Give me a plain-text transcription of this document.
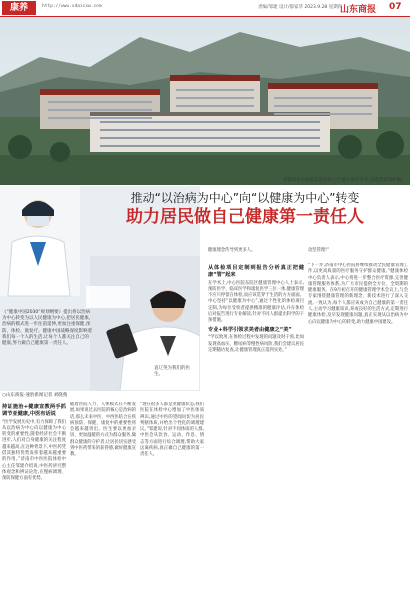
康养	http://www.sdaicxw.com	责编/邹建 设计/郁家华 2023.9.28 星期四
山东商报 07
济南市中心医院东院区助力于提升诊疗水平,为患者保驾护航。
《“健康中国2030”规划纲要》提出将以治病为中心转变为以人民健康为中心,把居民健康,治病的模式进一步往前延伸,更加注重保健,预防、体检、康复疗。健康中国战略深度影响着我们每一个人的生活,让每个人都关注自己的健康,努力做自己健康第一责任人。
袁辽英为我们的医生。
○山东商报·速豹新闻记者 刘晓燕
推动“以治病为中心”向“以健康为中心”转变
助力居民做自己健康第一责任人
健康理念传导到更多人。	攻坚管理!”
持证施治+健康宣教两手抓调节亚健康,中医有话说
“医学发展历史中,有力保障了我们从以治病为中心向以健康为中心转变的重要性,随着经济社会不断进步,人们对自身健康的关注程度越来越高,在这种背景下,中医药凭借其独特优势发挥着越来越重要的作用。”济南市中医医院体检中心主任邹建介绍说,中医药讲究整体观念和辨证论治,在慢病调理、预防保健方面有优势。
随着医院人力、人体模式在不断发展,如果说过去医院的核心是治病的话,那么未来中医、中西医结合在疾病预防、保健、康复中的重要性将会越来越突出。医生要以更加亲切、更加温暖的方式为群众服务,做群众健康的守护者,让居民切实感受到中医药带来的获得感,做好健康宣教。
“现在很多人都是亚健康状态,我们医院在体检中心增加了中医体质辨识,通过中医的望闻问切为居民判断体质,并给出个性化的调理建议。”邹建说,针对不同体质的人群,中医会从饮食、运动、作息、情志等方面进行综合调理,帮助大家远离疾病,真正做自己健康的第一责任人。
从体检项目定制到报告分析真正把健康“管”起来
在学术上,中心医院东院区健康管理中心人士表示,预防医学、临床医学和康复医学三位一体,健康管理不应只停留在体检,而应该贯穿于生活的方方面面。中心坚持“以健康为中心”,通过个性化的体检项目定制,为每位受检者提供精准的健康评估,并在体检后对报告进行专业解读,针对不同人群提出科学的干预措施。
专业+科学引领求美者由健康之“美”
“学以致用,在体检过程中发现的问题及时干预,比如发现高血压、糖尿病等慢性病风险,我们会建议居民定期随访复查,让健康管理真正落到实处。”
“下一步,济南市中心医院将继续推动全民健康管理工作,以更高质量的医疗服务守护群众健康。”健康体检中心负责人表示,中心将进一步整合医疗资源,完善健康管理服务体系,为广大市民提供全方位、全周期的健康服务。在9月初召开的健康管理学术会议上,与会专家围绕健康管理的新理念、新技术进行了深入交流,一致认为,每个人都应该成为自己健康的第一责任人,主动学习健康知识,养成良好的生活方式,定期进行健康体检,及早发现健康问题,真正实现从以治病为中心向以健康为中心的转变,助力健康中国建设。
